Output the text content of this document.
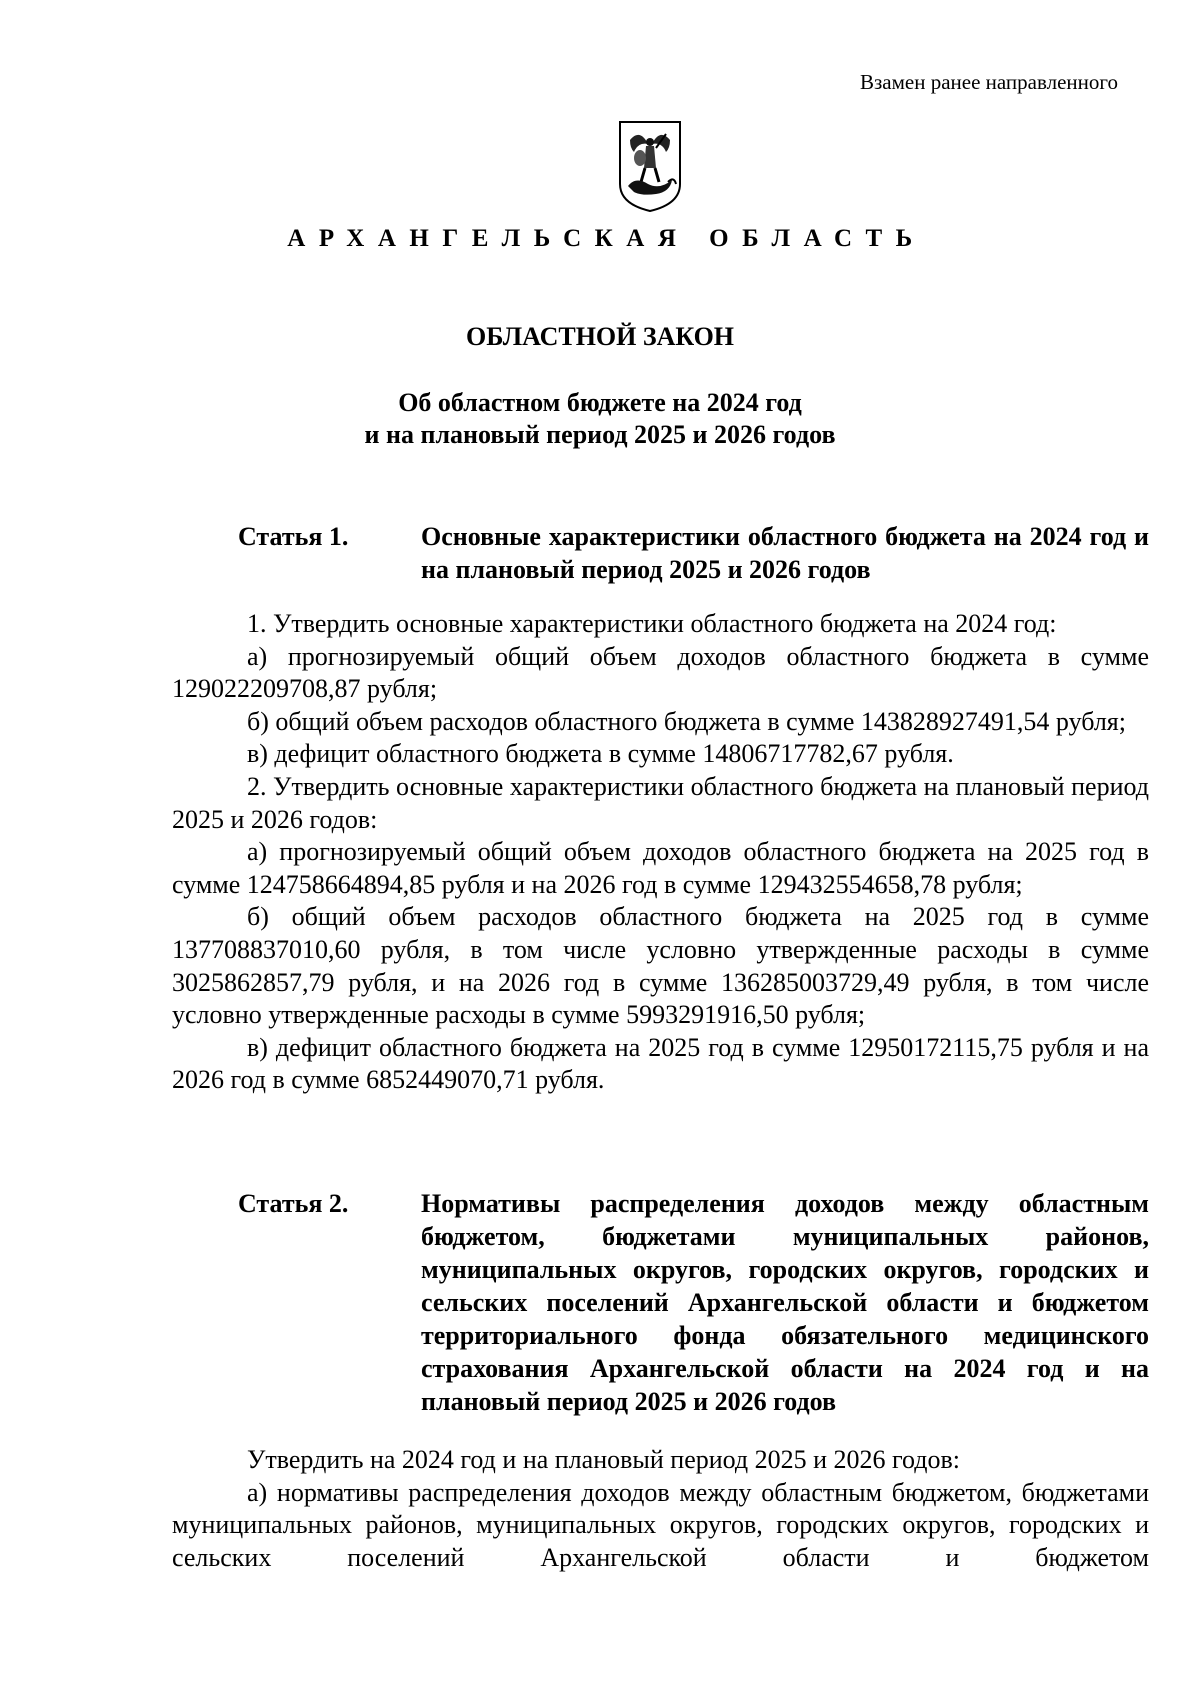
Взамен ранее направленного
АРХАНГЕЛЬСКАЯ ОБЛАСТЬ
ОБЛАСТНОЙ ЗАКОН
Об областном бюджете на 2024 год
и на плановый период 2025 и 2026 годов
Статья 1.	Основные характеристики областного бюджета на 2024 год и на плановый период 2025 и 2026 годов

1. Утвердить основные характеристики областного бюджета на 2024 год:

а) прогнозируемый общий объем доходов областного бюджета в сумме 129022209708,87 рубля;

б) общий объем расходов областного бюджета в сумме 143828927491,54 рубля;

в) дефицит областного бюджета в сумме 14806717782,67 рубля.

2. Утвердить основные характеристики областного бюджета на плановый период 2025 и 2026 годов:

а) прогнозируемый общий объем доходов областного бюджета на 2025 год в сумме 124758664894,85 рубля и на 2026 год в сумме 129432554658,78 рубля;

б) общий объем расходов областного бюджета на 2025 год в сумме 137708837010,60 рубля, в том числе условно утвержденные расходы в сумме 3025862857,79 рубля, и на 2026 год в сумме 136285003729,49 рубля, в том числе условно утвержденные расходы в сумме 5993291916,50 рубля;

в) дефицит областного бюджета на 2025 год в сумме 12950172115,75 рубля и на 2026 год в сумме 6852449070,71 рубля.

Статья 2.	Нормативы распределения доходов между областным бюджетом, бюджетами муниципальных районов, муниципальных округов, городских округов, городских и сельских поселений Архангельской области и бюджетом территориального фонда обязательного медицинского страхования Архангельской области на 2024 год и на плановый период 2025 и 2026 годов

Утвердить на 2024 год и на плановый период 2025 и 2026 годов:

а) нормативы распределения доходов между областным бюджетом, бюджетами муниципальных районов, муниципальных округов, городских округов, городских и сельских поселений Архангельской области и бюджетом
